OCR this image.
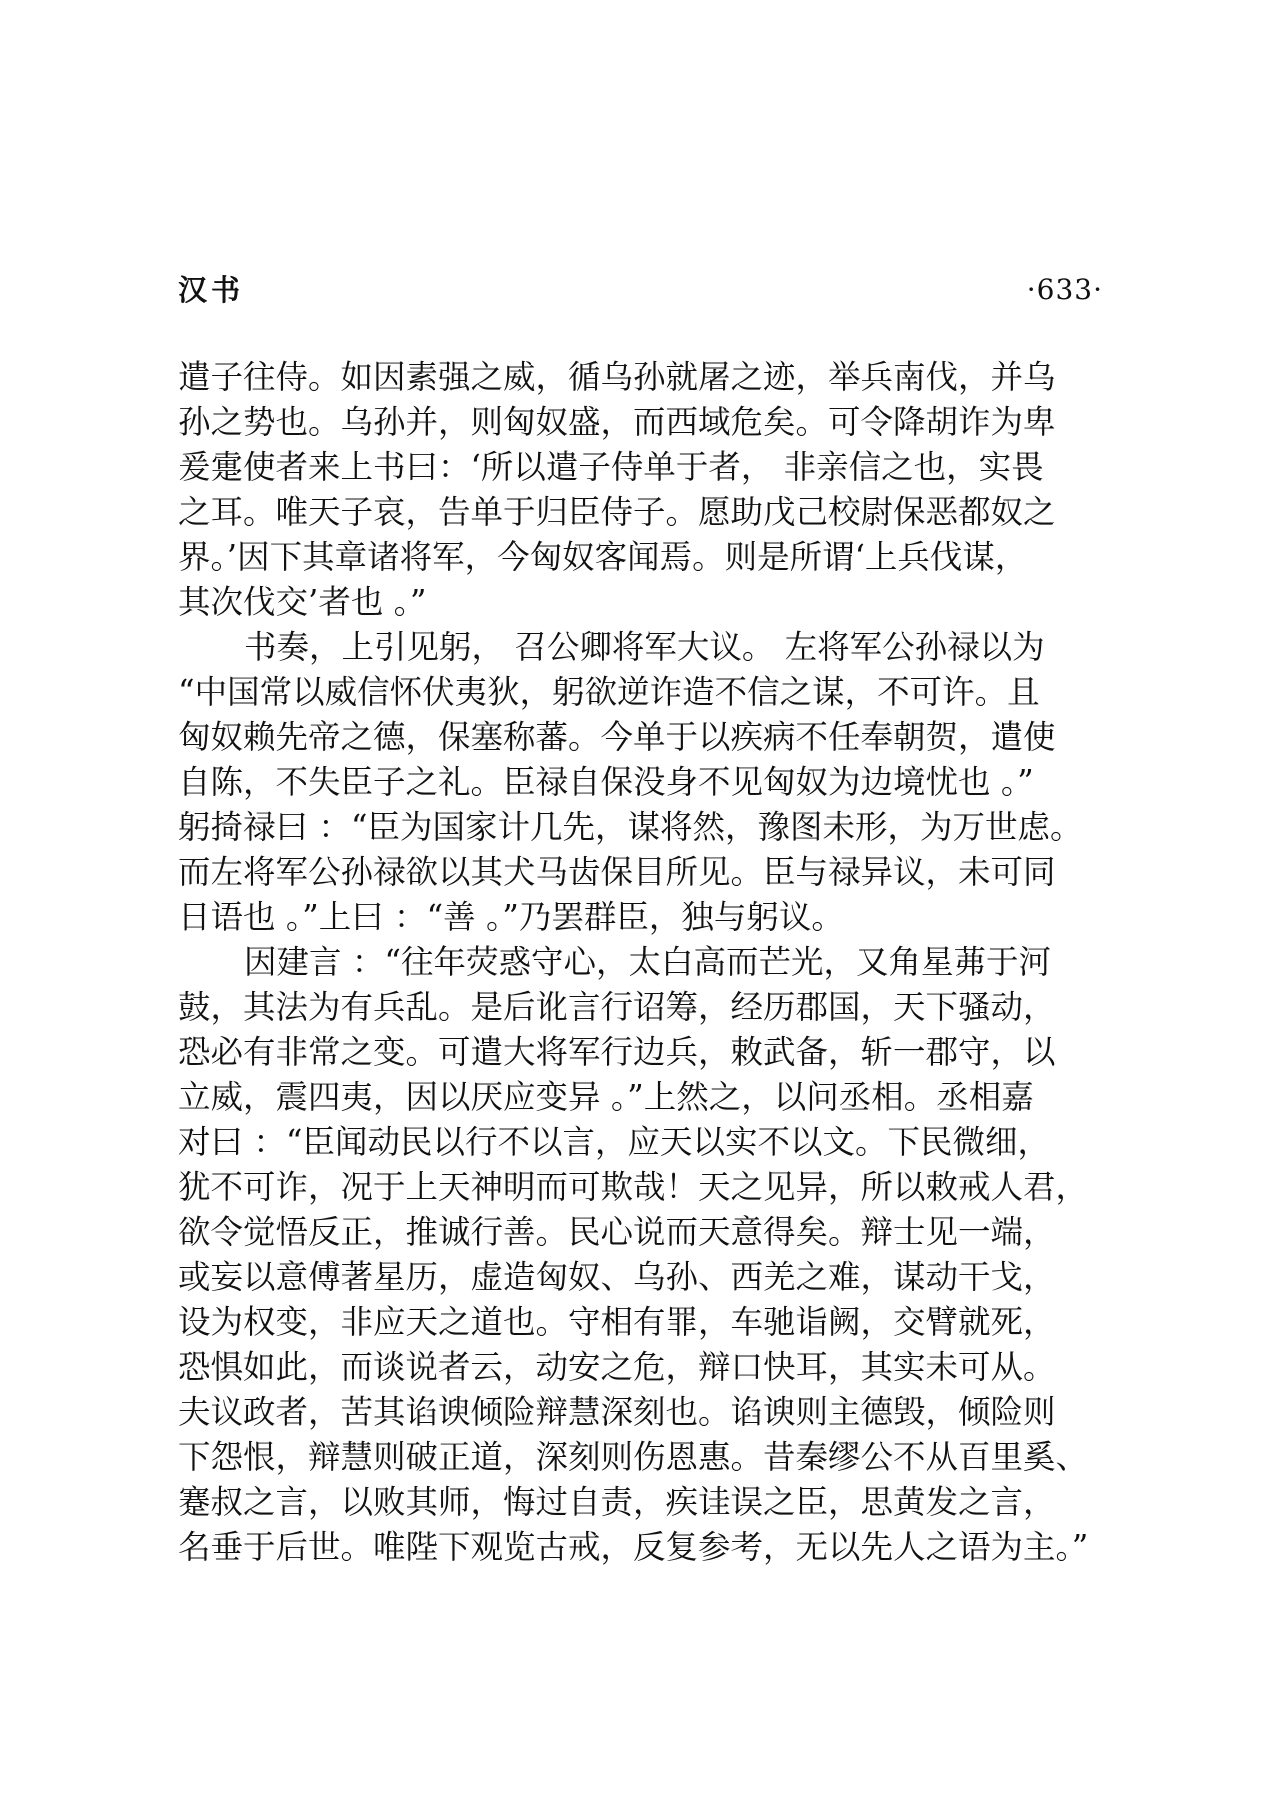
汉书	·633·
遣子往侍。如因素强之威，循乌孙就屠之迹，举兵南伐，并乌
孙之势也。乌孙并，则匈奴盛，而西域危矣。可令降胡诈为卑
爰疐使者来上书曰：‘所以遣子侍单于者， 非亲信之也，实畏
之耳。唯天子哀，告单于归臣侍子。愿助戊己校尉保恶都奴之
界。’因下其章诸将军，今匈奴客闻焉。则是所谓‘上兵伐谋，
其次伐交’者也 。”
书奏，上引见躬， 召公卿将军大议。 左将军公孙禄以为
“中国常以威信怀伏夷狄，躬欲逆诈造不信之谋，不可许。且
匈奴赖先帝之德，保塞称蕃。今单于以疾病不任奉朝贺，遣使
自陈，不失臣子之礼。臣禄自保没身不见匈奴为边境忧也 。”
躬掎禄曰 ：“臣为国家计几先，谋将然，豫图未形，为万世虑。
而左将军公孙禄欲以其犬马齿保目所见。臣与禄异议，未可同
日语也 。”上曰 ：“善 。”乃罢群臣，独与躬议。
因建言 ：“往年荧惑守心，太白高而芒光，又角星茀于河
鼓，其法为有兵乱。是后讹言行诏筹，经历郡国，天下骚动，
恐必有非常之变。可遣大将军行边兵，敕武备，斩一郡守，以
立威，震四夷，因以厌应变异 。”上然之，以问丞相。丞相嘉
对曰 ：“臣闻动民以行不以言，应天以实不以文。下民微细，
犹不可诈，况于上天神明而可欺哉！天之见异，所以敕戒人君，
欲令觉悟反正，推诚行善。民心说而天意得矣。辩士见一端，
或妄以意傅著星历，虚造匈奴、乌孙、西羌之难，谋动干戈，
设为权变，非应天之道也。守相有罪，车驰诣阙，交臂就死，
恐惧如此，而谈说者云，动安之危，辩口快耳，其实未可从。
夫议政者，苦其谄谀倾险辩慧深刻也。谄谀则主德毁，倾险则
下怨恨，辩慧则破正道，深刻则伤恩惠。昔秦缪公不从百里奚、
蹇叔之言，以败其师，悔过自责，疾诖误之臣，思黄发之言，
名垂于后世。唯陛下观览古戒，反复参考，无以先人之语为主。”
